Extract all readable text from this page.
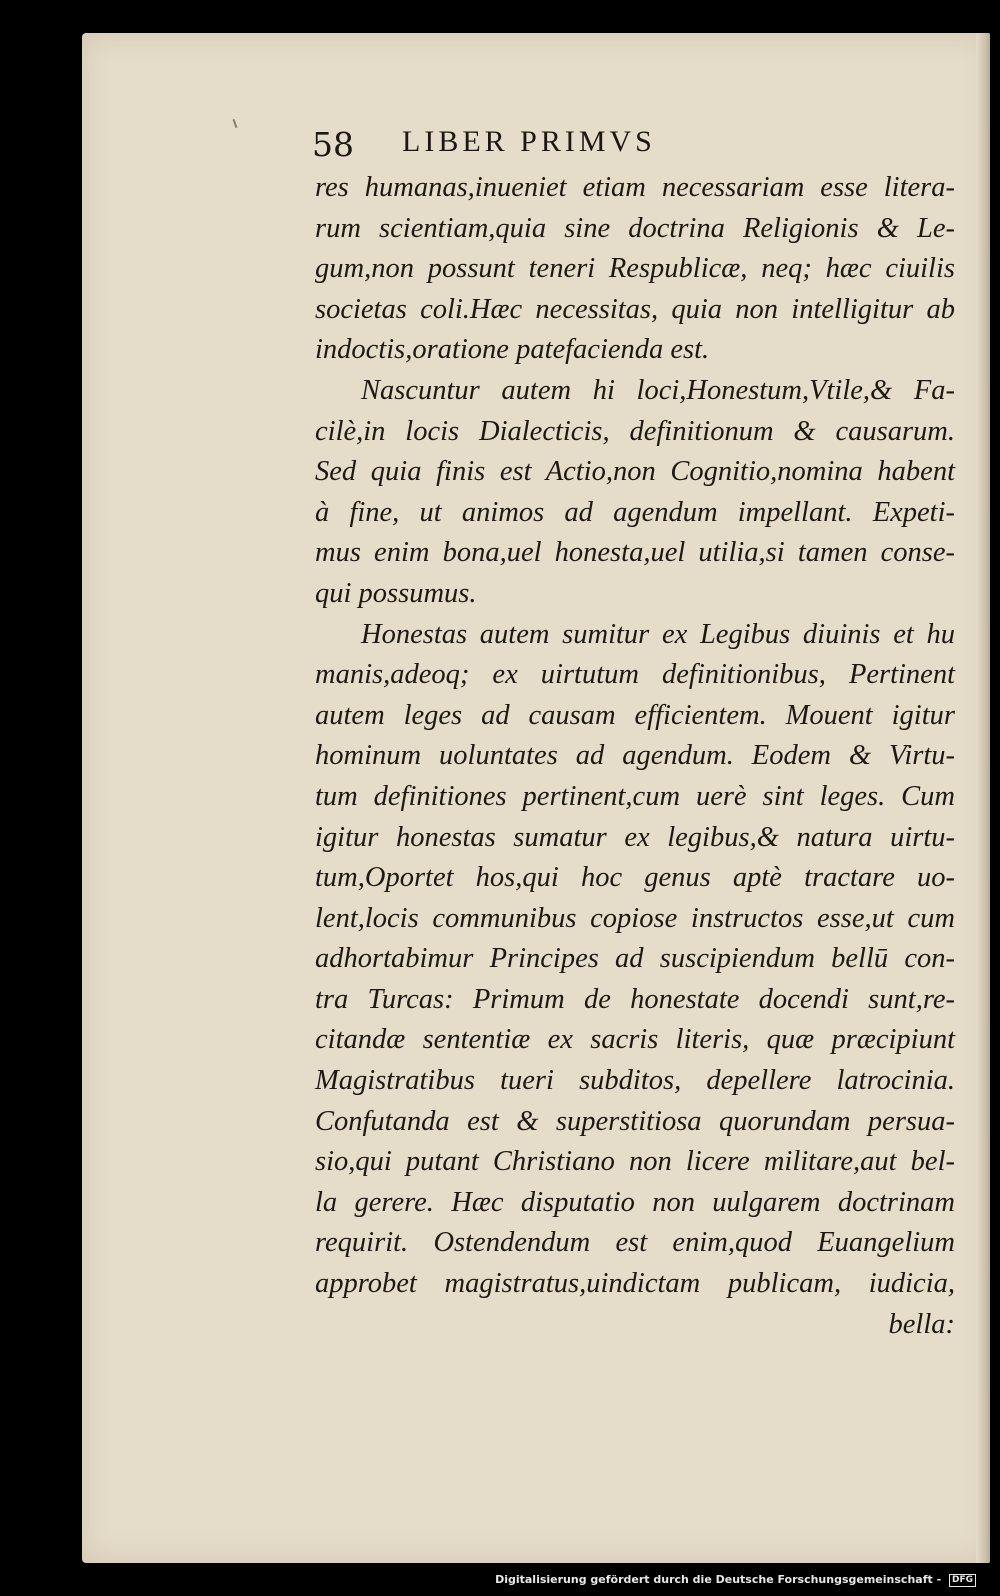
58 LIBER PRIMVS
res humanas,inueniet etiam necessariam esse litera-
rum scientiam,quia sine doctrina Religionis & Le-
gum,non possunt teneri Respublicæ, neq; hæc ciuilis
societas coli.Hæc necessitas, quia non intelligitur ab
indoctis,oratione patefacienda est.
Nascuntur autem hi loci,Honestum,Vtile,& Fa-
cilè,in locis Dialecticis, definitionum & causarum.
Sed quia finis est Actio,non Cognitio,nomina habent
à fine, ut animos ad agendum impellant. Expeti-
mus enim bona,uel honesta,uel utilia,si tamen conse-
qui possumus.
Honestas autem sumitur ex Legibus diuinis et hu
manis,adeoq; ex uirtutum definitionibus, Pertinent
autem leges ad causam efficientem. Mouent igitur
hominum uoluntates ad agendum. Eodem & Virtu-
tum definitiones pertinent,cum uerè sint leges. Cum
igitur honestas sumatur ex legibus,& natura uirtu-
tum,Oportet hos,qui hoc genus aptè tractare uo-
lent,locis communibus copiose instructos esse,ut cum
adhortabimur Principes ad suscipiendum bellū con-
tra Turcas: Primum de honestate docendi sunt,re-
citandæ sententiæ ex sacris literis, quæ præcipiunt
Magistratibus tueri subditos, depellere latrocinia.
Confutanda est & superstitiosa quorundam persua-
sio,qui putant Christiano non licere militare,aut bel-
la gerere. Hæc disputatio non uulgarem doctrinam
requirit. Ostendendum est enim,quod Euangelium
approbet magistratus,uindictam publicam, iudicia,
bella:
Digitalisierung gefördert durch die Deutsche Forschungsgemeinschaft - DFG
